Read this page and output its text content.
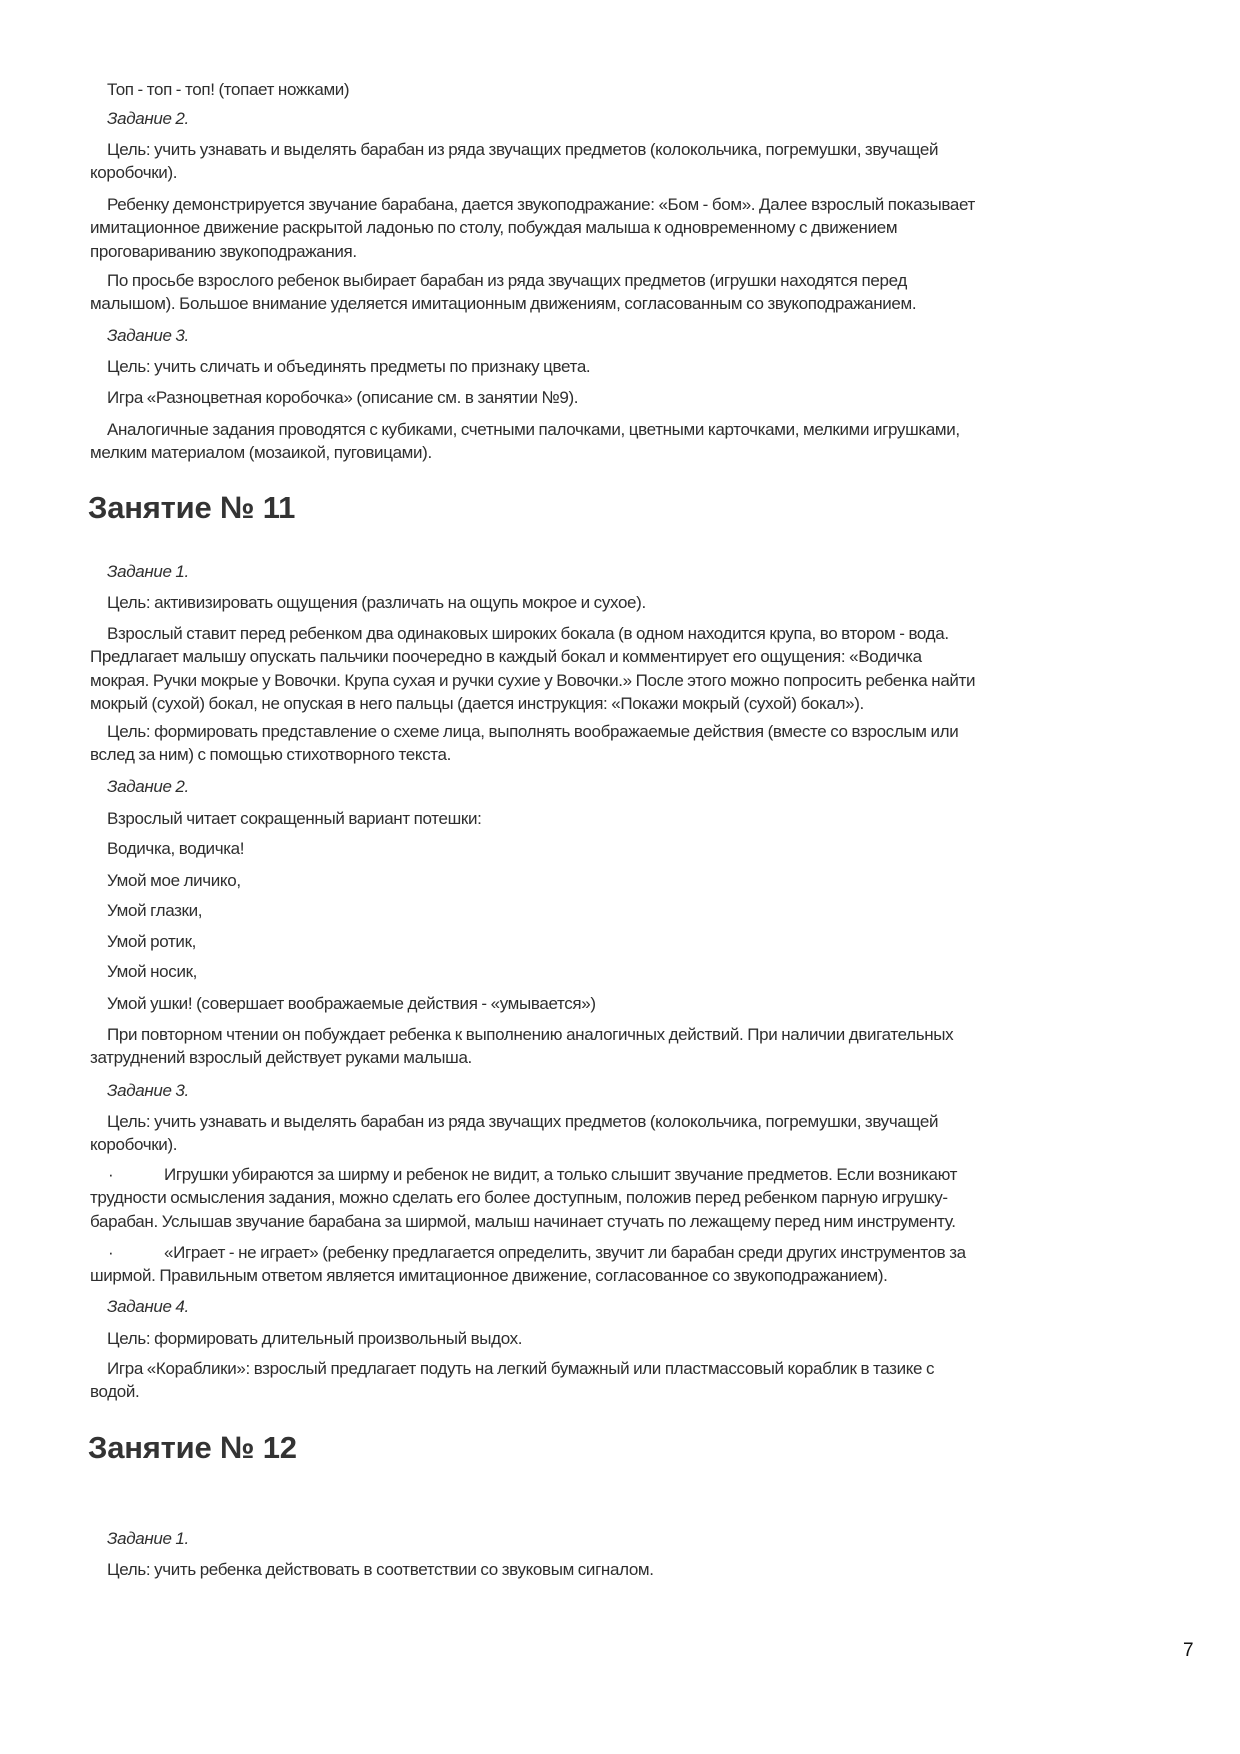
Топ - топ - топ! (топает ножками)
Задание 2.
Цель: учить узнавать и выделять барабан из ряда звучащих предметов (колокольчика, погремушки, звучащей
коробочки).
Ребенку демонстрируется звучание барабана, дается звукоподражание: «Бом - бом». Далее взрослый показывает
имитационное движение раскрытой ладонью по столу, побуждая малыша к одновременному с движением
проговариванию звукоподражания.
По просьбе взрослого ребенок выбирает барабан из ряда звучащих предметов (игрушки находятся перед
малышом). Большое внимание уделяется имитационным движениям, согласованным со звукоподражанием.
Задание 3.
Цель: учить сличать и объединять предметы по признаку цвета.
Игра «Разноцветная коробочка» (описание см. в занятии №9).
Аналогичные задания проводятся с кубиками, счетными палочками, цветными карточками, мелкими игрушками,
мелким материалом (мозаикой, пуговицами).
Занятие № 11
Задание 1.
Цель: активизировать ощущения (различать на ощупь мокрое и сухое).
Взрослый ставит перед ребенком два одинаковых широких бокала (в одном находится крупа, во втором - вода.
Предлагает малышу опускать пальчики поочередно в каждый бокал и комментирует его ощущения: «Водичка
мокрая. Ручки мокрые у Вовочки. Крупа сухая и ручки сухие у Вовочки.» После этого можно попросить ребенка найти
мокрый (сухой) бокал, не опуская в него пальцы (дается инструкция: «Покажи мокрый (сухой) бокал»).
Цель: формировать представление о схеме лица, выполнять воображаемые действия (вместе со взрослым или
вслед за ним) с помощью стихотворного текста.
Задание 2.
Взрослый читает сокращенный вариант потешки:
Водичка, водичка!
Умой мое личико,
Умой глазки,
Умой ротик,
Умой носик,
Умой ушки! (совершает воображаемые действия - «умывается»)
При повторном чтении он побуждает ребенка к выполнению аналогичных действий. При наличии двигательных
затруднений взрослый действует руками малыша.
Задание 3.
Цель: учить узнавать и выделять барабан из ряда звучащих предметов (колокольчика, погремушки, звучащей
коробочки).
·	Игрушки убираются за ширму и ребенок не видит, а только слышит звучание предметов. Если возникают
трудности осмысления задания, можно сделать его более доступным, положив перед ребенком парную игрушку-
барабан. Услышав звучание барабана за ширмой, малыш начинает стучать по лежащему перед ним инструменту.
·	«Играет - не играет» (ребенку предлагается определить, звучит ли барабан среди других инструментов за
ширмой. Правильным ответом является имитационное движение, согласованное со звукоподражанием).
Задание 4.
Цель: формировать длительный произвольный выдох.
Игра «Кораблики»: взрослый предлагает подуть на легкий бумажный или пластмассовый кораблик в тазике с
водой.
Занятие № 12
Задание 1.
Цель: учить ребенка действовать в соответствии со звуковым сигналом.
7
